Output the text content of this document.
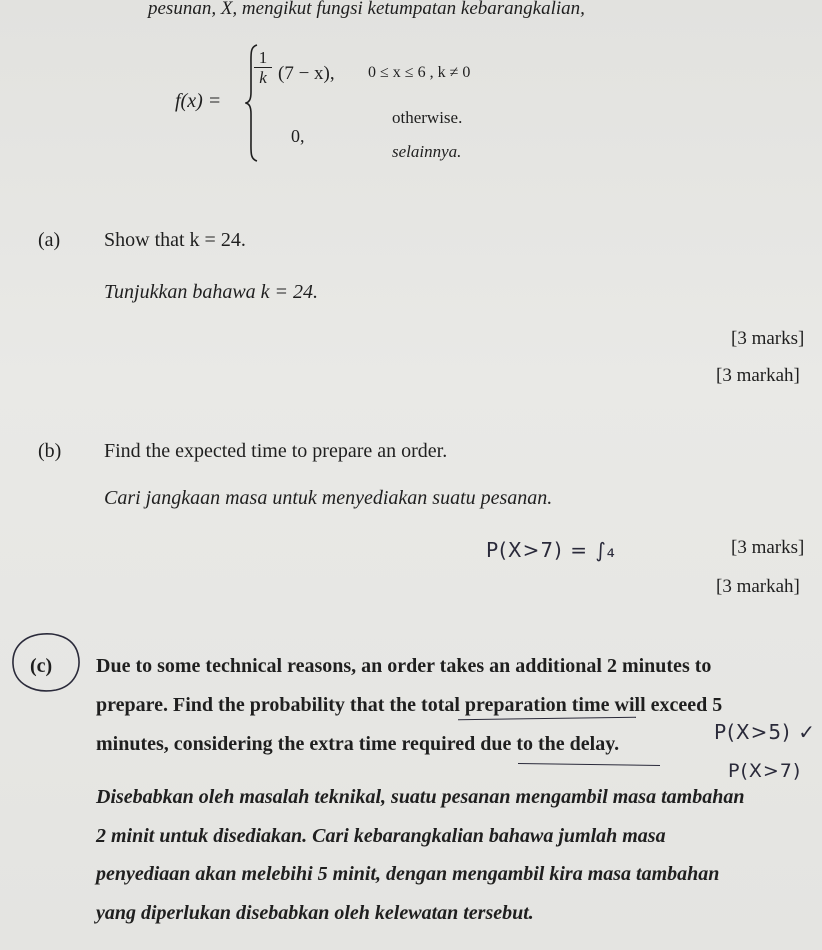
pesunan, X, mengikut fungsi ketumpatan kebarangkalian,
f(x) =
$\frac{1}{k} (7 - x)$, 0 ≤ x ≤ 6 , k ≠ 0
0,
otherwise.
selainnya.
(a) Show that k = 24.
Tunjukkan bahawa k = 24.
[3 marks]
[3 markah]
(b) Find the expected time to prepare an order.
Cari jangkaan masa untuk menyediakan suatu pesanan.
P(X>7) = ∫₄	[3 marks]
[3 markah]
(c) Due to some technical reasons, an order takes an additional 2 minutes to
prepare. Find the probability that the total preparation time will exceed 5
minutes, considering the extra time required due to the delay.	P(X>5) ✓
P(X>7)
Disebabkan oleh masalah teknikal, suatu pesanan mengambil masa tambahan
2 minit untuk disediakan. Cari kebarangkalian bahawa jumlah masa
penyediaan akan melebihi 5 minit, dengan mengambil kira masa tambahan
yang diperlukan disebabkan oleh kelewatan tersebut.
